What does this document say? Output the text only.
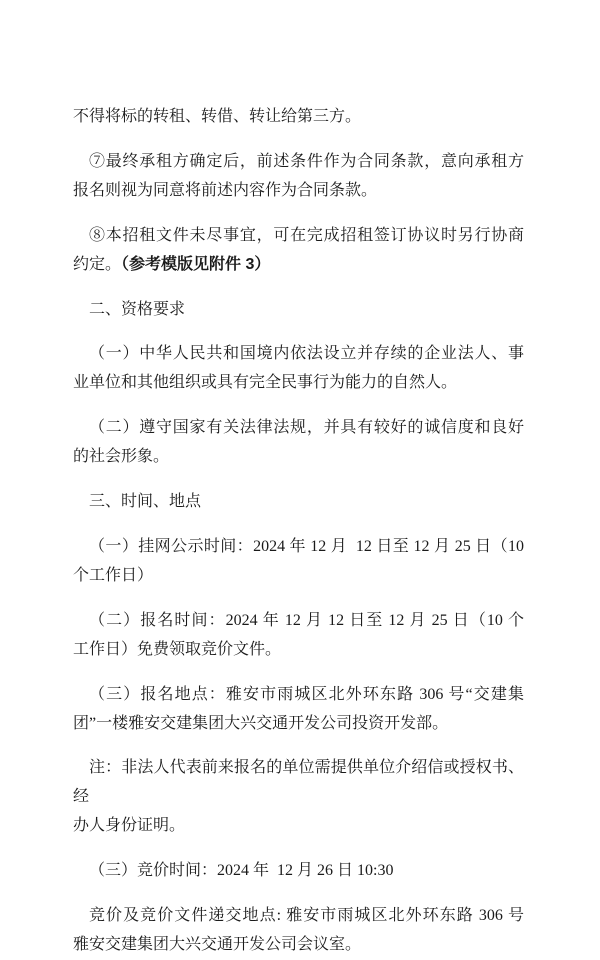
不得将标的转租、转借、转让给第三方。

⑦最终承租方确定后，前述条件作为合同条款，意向承租方
报名则视为同意将前述内容作为合同条款。

⑧本招租文件未尽事宜，可在完成招租签订协议时另行协商
约定。（参考模版见附件 3）

二、资格要求

（一）中华人民共和国境内依法设立并存续的企业法人、事
业单位和其他组织或具有完全民事行为能力的自然人。

（二）遵守国家有关法律法规，并具有较好的诚信度和良好
的社会形象。

三、时间、地点

（一）挂网公示时间：2024 年 12 月  12 日至 12 月 25 日（10
个工作日）

（二）报名时间：2024 年 12 月 12 日至 12 月 25 日（10 个
工作日）免费领取竞价文件。

（三）报名地点：雅安市雨城区北外环东路 306 号“交建集
团”一楼雅安交建集团大兴交通开发公司投资开发部。

注：非法人代表前来报名的单位需提供单位介绍信或授权书、经
办人身份证明。

（三）竞价时间：2024 年  12 月 26 日 10:30

竞价及竞价文件递交地点: 雅安市雨城区北外环东路 306 号
雅安交建集团大兴交通开发公司会议室。
